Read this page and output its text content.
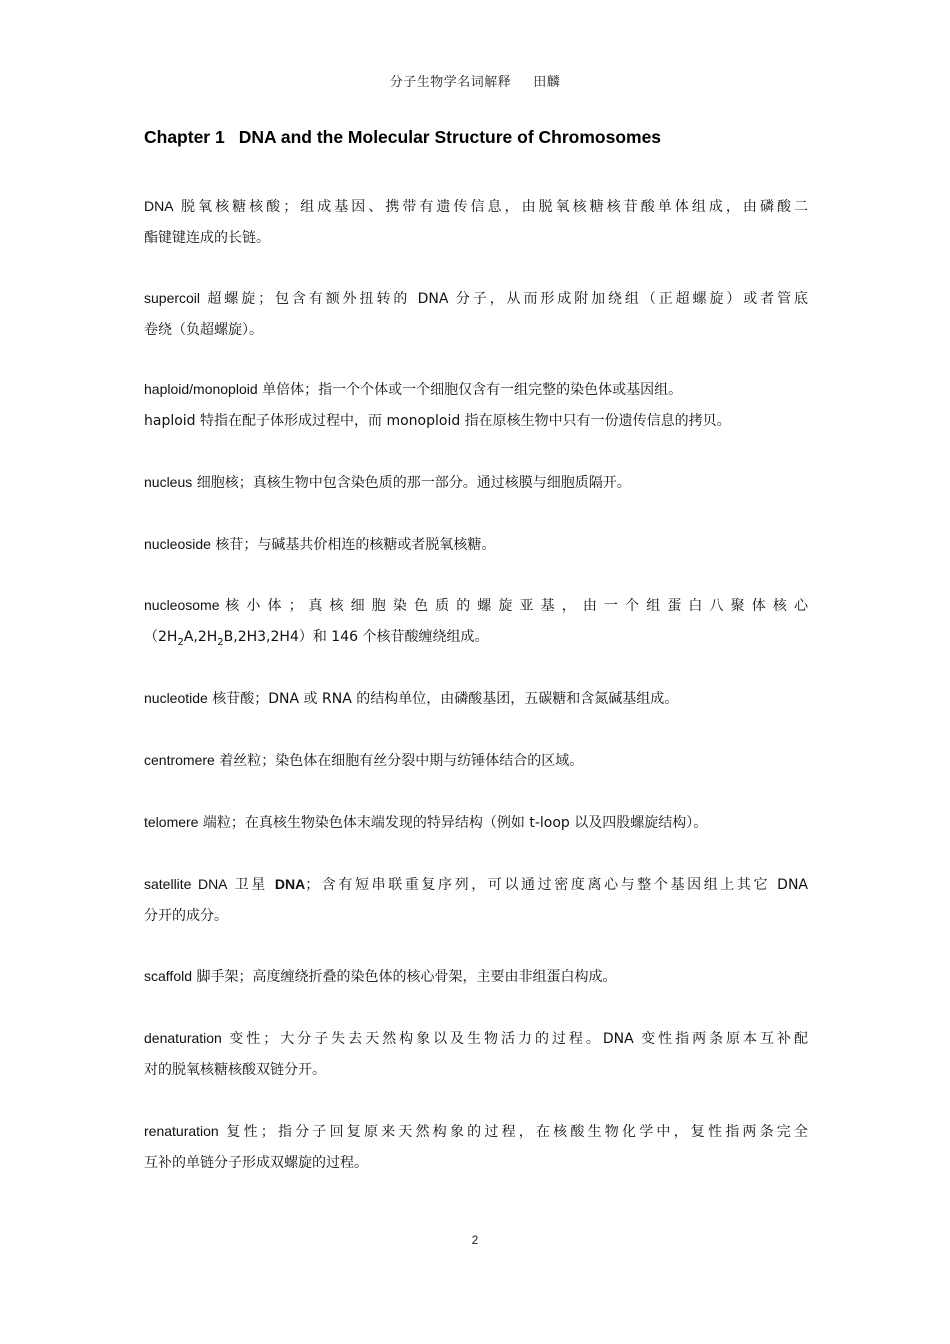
分子生物学名词解释 田麟
Chapter 1 DNA and the Molecular Structure of Chromosomes
DNA 脱氧核糖核酸；组成基因、携带有遗传信息，由脱氧核糖核苷酸单体组成，由磷酸二
酯键键连成的长链。
supercoil 超螺旋；包含有额外扭转的 DNA 分子，从而形成附加绕组（正超螺旋）或者管底
卷绕（负超螺旋）。
haploid/monoploid 单倍体；指一个个体或一个细胞仅含有一组完整的染色体或基因组。
haploid 特指在配子体形成过程中，而 monoploid 指在原核生物中只有一份遗传信息的拷贝。
nucleus 细胞核；真核生物中包含染色质的那一部分。通过核膜与细胞质隔开。
nucleoside 核苷；与碱基共价相连的核糖或者脱氧核糖。
nucleosome 核 小 体 ； 真 核 细 胞 染 色 质 的 螺 旋 亚 基 ， 由 一 个 组 蛋 白 八 聚 体 核 心
$(2H_2A,2H_2B,2H3,2H4)$和 146 个核苷酸缠绕组成。
nucleotide 核苷酸；DNA 或 RNA 的结构单位，由磷酸基团，五碳糖和含氮碱基组成。
centromere 着丝粒；染色体在细胞有丝分裂中期与纺锤体结合的区域。
telomere 端粒；在真核生物染色体末端发现的特异结构（例如 t-loop 以及四股螺旋结构）。
satellite DNA 卫星 DNA；含有短串联重复序列，可以通过密度离心与整个基因组上其它 DNA
分开的成分。
scaffold 脚手架；高度缠绕折叠的染色体的核心骨架，主要由非组蛋白构成。
denaturation 变性；大分子失去天然构象以及生物活力的过程。DNA 变性指两条原本互补配
对的脱氧核糖核酸双链分开。
renaturation 复性；指分子回复原来天然构象的过程，在核酸生物化学中，复性指两条完全
互补的单链分子形成双螺旋的过程。
2
